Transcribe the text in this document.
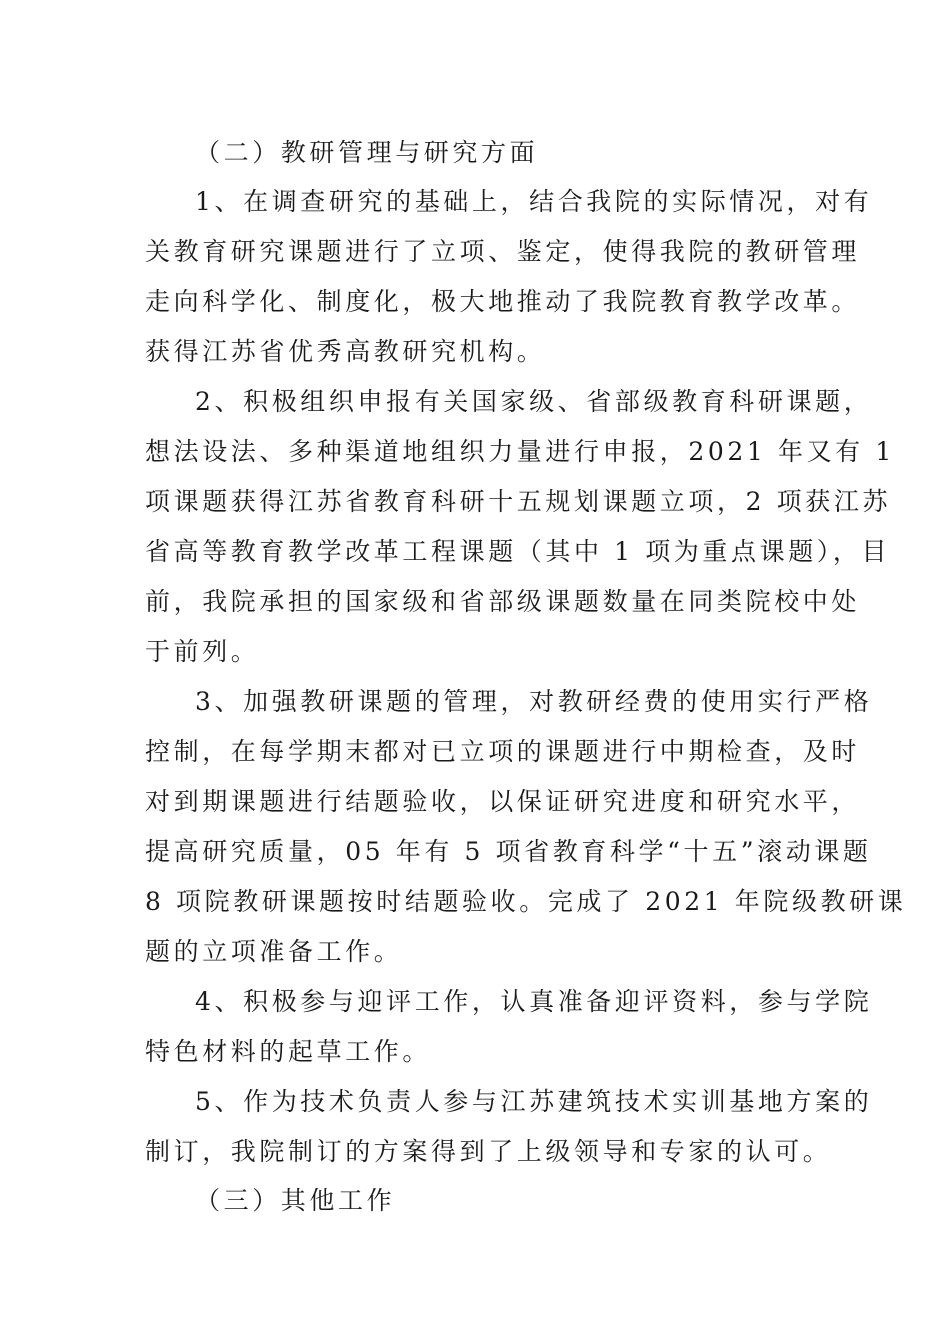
（二）教研管理与研究方面
1、在调查研究的基础上，结合我院的实际情况，对有
关教育研究课题进行了立项、鉴定，使得我院的教研管理
走向科学化、制度化，极大地推动了我院教育教学改革。
获得江苏省优秀高教研究机构。
2、积极组织申报有关国家级、省部级教育科研课题，
想法设法、多种渠道地组织力量进行申报，2021 年又有 1
项课题获得江苏省教育科研十五规划课题立项，2 项获江苏
省高等教育教学改革工程课题（其中 1 项为重点课题），目
前，我院承担的国家级和省部级课题数量在同类院校中处
于前列。
3、加强教研课题的管理，对教研经费的使用实行严格
控制，在每学期末都对已立项的课题进行中期检查，及时
对到期课题进行结题验收，以保证研究进度和研究水平，
提高研究质量，05 年有 5 项省教育科学“十五”滚动课题
8 项院教研课题按时结题验收。完成了 2021 年院级教研课
题的立项准备工作。
4、积极参与迎评工作，认真准备迎评资料，参与学院
特色材料的起草工作。
5、作为技术负责人参与江苏建筑技术实训基地方案的
制订，我院制订的方案得到了上级领导和专家的认可。
（三）其他工作
